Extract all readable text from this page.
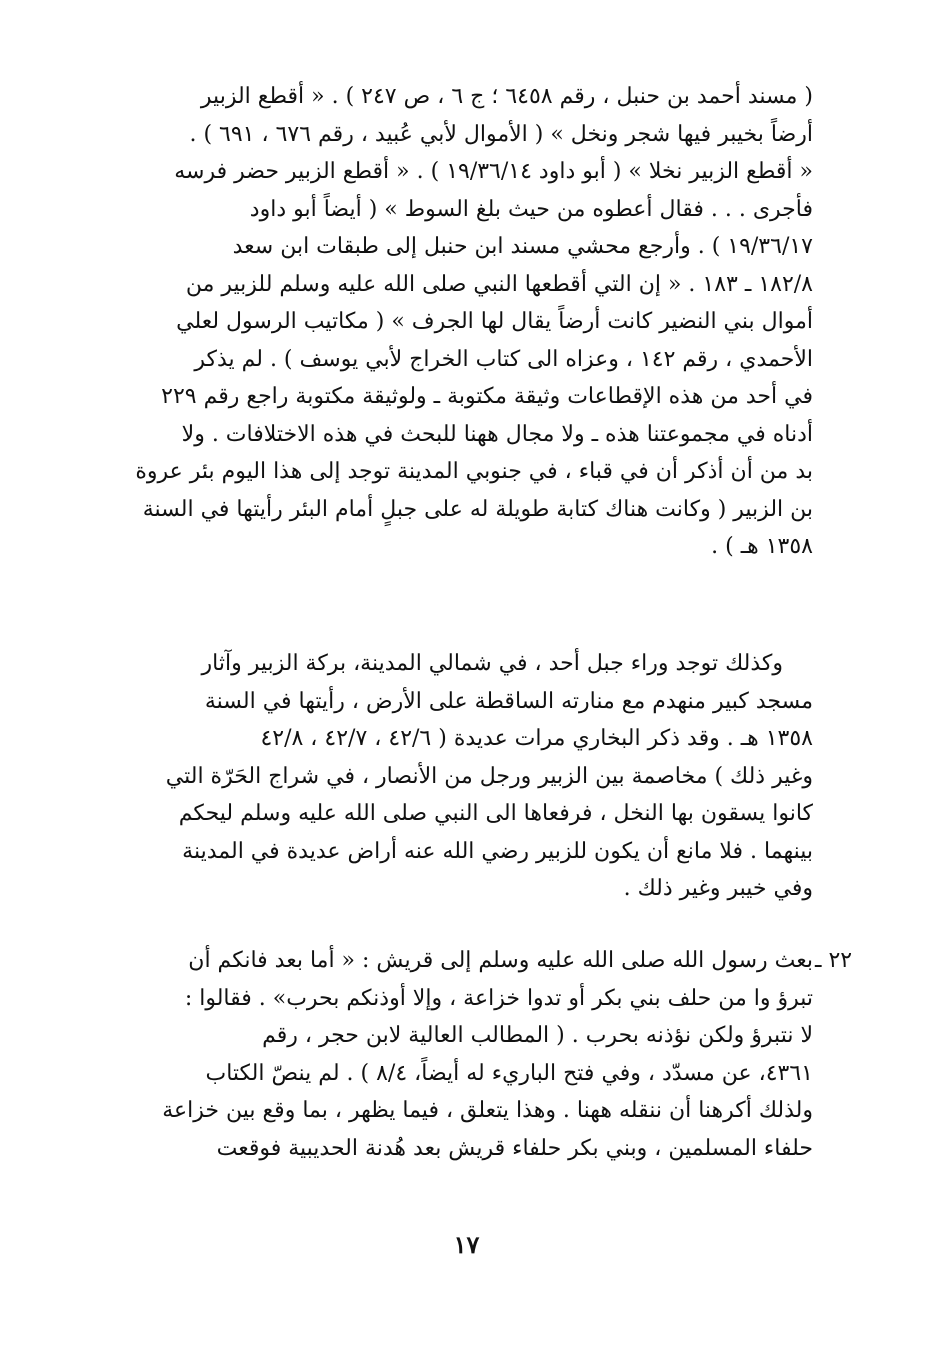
( مسند أحمد بن حنبل ، رقم ٦٤٥٨ ؛ ج ٦ ، ص ٢٤٧ ) . « أقطع الزبير
أرضاً بخيبر فيها شجر ونخل » ( الأموال لأبي عُبيد ، رقم ٦٧٦ ، ٦٩١ ) .
« أقطع الزبير نخلا » ( أبو داود ١٩/٣٦/١٤ ) . « أقطع الزبير حضر فرسه
فأجرى . . . فقال أعطوه من حيث بلغ السوط » ( أيضاً أبو داود
١٩/٣٦/١٧ ) . وأرجع محشي مسند ابن حنبل إلى طبقات ابن سعد
١٨٢/٨ ـ ١٨٣ . « إن التي أقطعها النبي صلى الله عليه وسلم للزبير من
أموال بني النضير كانت أرضاً يقال لها الجرف » ( مكاتيب الرسول لعلي
الأحمدي ، رقم ١٤٢ ، وعزاه الى كتاب الخراج لأبي يوسف ) . لم يذكر
في أحد من هذه الإقطاعات وثيقة مكتوبة ـ ولوثيقة مكتوبة راجع رقم ٢٢٩
أدناه في مجموعتنا هذه ـ ولا مجال ههنا للبحث في هذه الاختلافات . ولا
بد من أن أذكر أن في قباء ، في جنوبي المدينة توجد إلى هذا اليوم بئر عروة
بن الزبير ( وكانت هناك كتابة طويلة له على جبلٍ أمام البئر رأيتها في السنة
١٣٥٨ هـ ) .
وكذلك توجد وراء جبل أحد ، في شمالي المدينة، بركة الزبير وآثار
مسجد كبير منهدم مع منارته الساقطة على الأرض ، رأيتها في السنة
١٣٥٨ هـ . وقد ذكر البخاري مرات عديدة ( ٤٢/٦ ، ٤٢/٧ ، ٤٢/٨
وغير ذلك ) مخاصمة بين الزبير ورجل من الأنصار ، في شراج الحَرّة التي
كانوا يسقون بها النخل ، فرفعاها الى النبي صلى الله عليه وسلم ليحكم
بينهما . فلا مانع أن يكون للزبير رضي الله عنه أراض عديدة في المدينة
وفي خيبر وغير ذلك .
٢٢ ـ
بعث رسول الله صلى الله عليه وسلم إلى قريش : « أما بعد فانكم أن
تبرؤ وا من حلف بني بكر أو تدوا خزاعة ، وإلا أوذنكم بحرب» . فقالوا :
لا نتبرؤ ولكن نؤذنه بحرب . ( المطالب العالية لابن حجر ، رقم
٤٣٦١، عن مسدّد ، وفي فتح الباريء له أيضاً، ٨/٤ ) . لم ينصّ الكتاب
ولذلك أكرهنا أن ننقله ههنا . وهذا يتعلق ، فيما يظهر ، بما وقع بين خزاعة
حلفاء المسلمين ، وبني بكر حلفاء قريش بعد هُدنة الحديبية فوقعت
١٧
